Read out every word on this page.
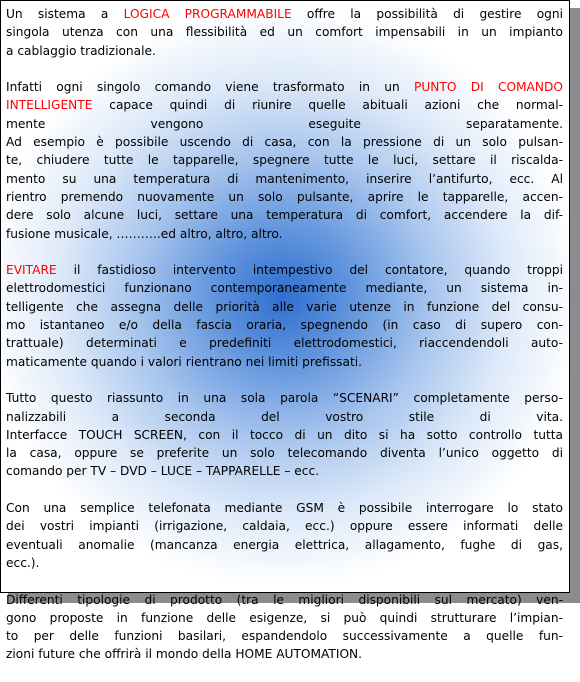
Un sistema a LOGICA PROGRAMMABILE offre la possibilità di gestire ogni
singola utenza con una flessibilità ed un comfort impensabili in un impianto
a cablaggio tradizionale.

Infatti ogni singolo comando viene trasformato in un PUNTO DI COMANDO
INTELLIGENTE capace quindi di riunire quelle abituali azioni che normal-
mente vengono eseguite separatamente.
Ad esempio è possibile uscendo di casa, con la pressione di un solo pulsan-
te, chiudere tutte le tapparelle, spegnere tutte le luci, settare il riscalda-
mento su una temperatura di mantenimento, inserire l’antifurto, ecc. Al
rientro premendo nuovamente un solo pulsante, aprire le tapparelle, accen-
dere solo alcune luci, settare una temperatura di comfort, accendere la dif-
fusione musicale, ………..ed altro, altro, altro.

EVITARE il fastidioso intervento intempestivo del contatore, quando troppi
elettrodomestici funzionano contemporaneamente mediante, un sistema in-
telligente che assegna delle priorità alle varie utenze in funzione del consu-
mo istantaneo e/o della fascia oraria, spegnendo (in caso di supero con-
trattuale) determinati e predefiniti elettrodomestici, riaccendendoli auto-
maticamente quando i valori rientrano nei limiti prefissati.

Tutto questo riassunto in una sola parola “SCENARI” completamente perso-
nalizzabili a seconda del vostro stile di vita.
Interfacce TOUCH SCREEN, con il tocco di un dito si ha sotto controllo tutta
la casa, oppure se preferite un solo telecomando diventa l’unico oggetto di
comando per TV – DVD – LUCE – TAPPARELLE – ecc.

Con una semplice telefonata mediante GSM è possibile interrogare lo stato
dei vostri impianti (irrigazione, caldaia, ecc.) oppure essere informati delle
eventuali anomalie (mancanza energia elettrica, allagamento, fughe di gas,
ecc.).

Differenti tipologie di prodotto (tra le migliori disponibili sul mercato) ven-
gono proposte in funzione delle esigenze, si può quindi strutturare l’impian-
to per delle funzioni basilari, espandendolo successivamente a quelle fun-
zioni future che offrirà il mondo della HOME AUTOMATION.
